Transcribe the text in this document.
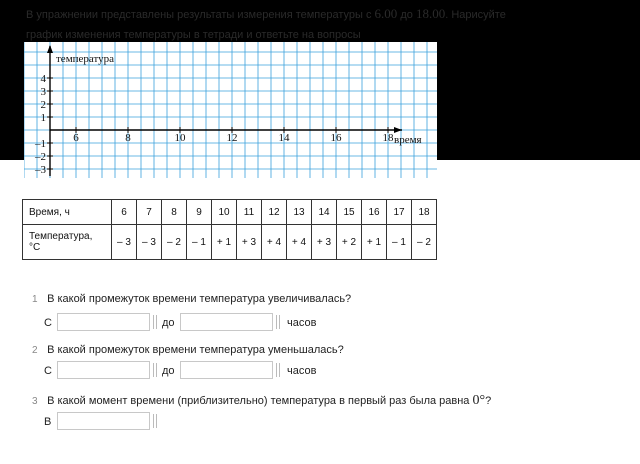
В упражнении представлены результаты измерения температуры с 6.00 до 18.00. Нарисуйте
график изменения температуры в тетради и ответьте на вопросы
температура
время
4
3
2
1
–1
–2
–3
6	8	10	12	14	16	18
Время, ч	6	7	8	9	10	11	12	13	14	15	16	17	18

Температура,
°С	– 3	– 3	– 2	– 1	+ 1	+ 3	+ 4	+ 4	+ 3	+ 2	+ 1	– 1	– 2
1 В какой промежуток времени температура увеличивалась?
С	до	часов
2 В какой промежуток времени температура уменьшалась?
С	до	часов
3 В какой момент времени (приблизительно) температура в первый раз была равна 0°?
В
